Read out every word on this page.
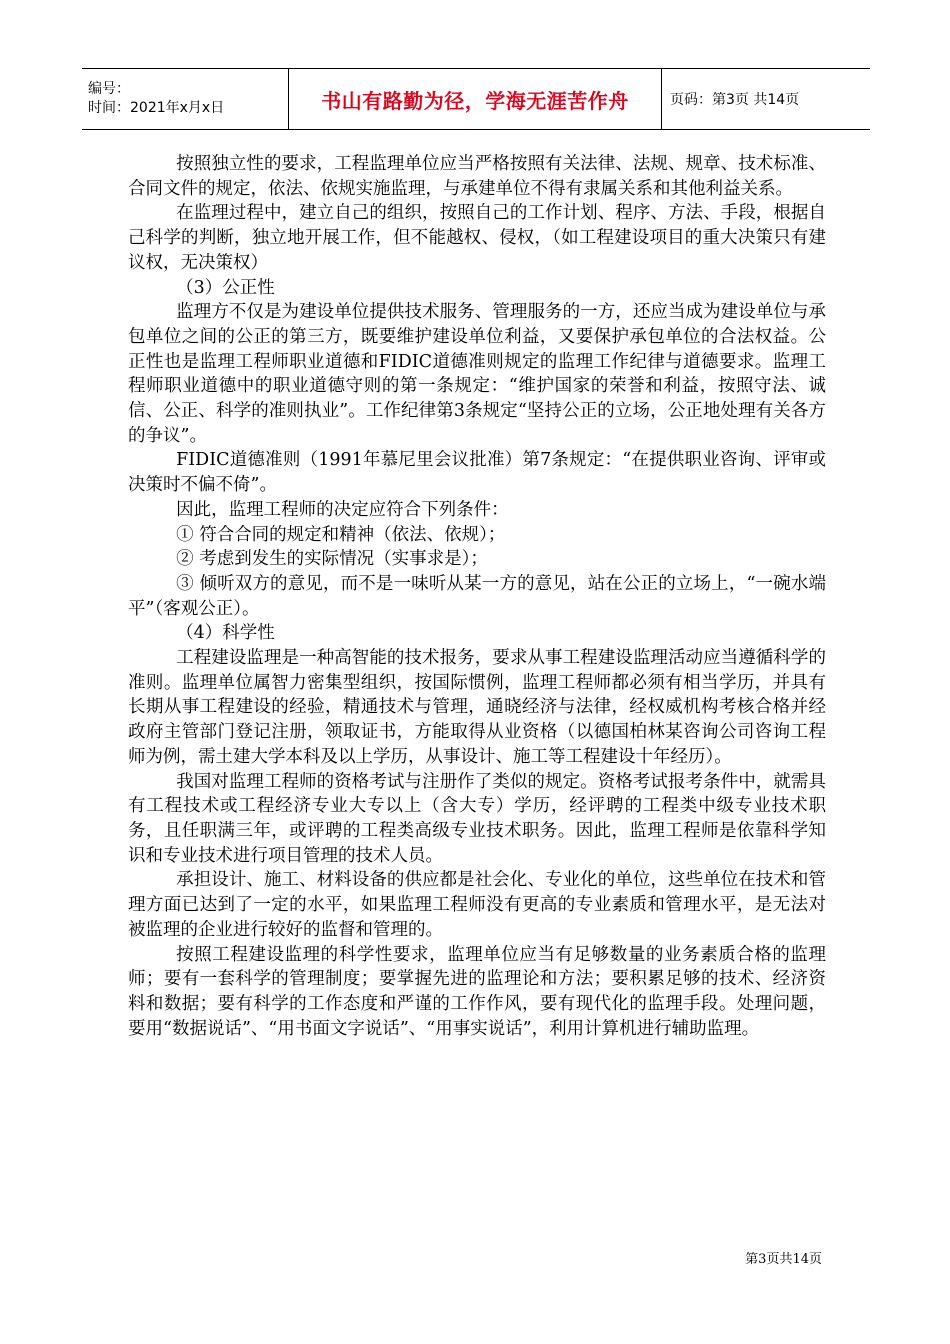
编号：
时间：2021年x月x日	书山有路勤为径，学海无涯苦作舟	页码：第3页 共14页

按照独立性的要求，工程监理单位应当严格按照有关法律、法规、规章、技术标准、合同文件的规定，依法、依规实施监理，与承建单位不得有隶属关系和其他利益关系。

在监理过程中，建立自己的组织，按照自己的工作计划、程序、方法、手段，根据自己科学的判断，独立地开展工作，但不能越权、侵权，（如工程建设项目的重大决策只有建议权，无决策权）

（3）公正性

监理方不仅是为建设单位提供技术服务、管理服务的一方，还应当成为建设单位与承包单位之间的公正的第三方，既要维护建设单位利益，又要保护承包单位的合法权益。公正性也是监理工程师职业道德和FIDIC道德准则规定的监理工作纪律与道德要求。监理工程师职业道德中的职业道德守则的第一条规定：“维护国家的荣誉和利益，按照守法、诚信、公正、科学的准则执业”。工作纪律第3条规定“坚持公正的立场，公正地处理有关各方的争议”。

FIDIC道德准则（1991年慕尼里会议批准）第7条规定：“在提供职业咨询、评审或决策时不偏不倚”。

因此，监理工程师的决定应符合下列条件：

① 符合合同的规定和精神（依法、依规）；

② 考虑到发生的实际情况（实事求是）；

③ 倾听双方的意见，而不是一味听从某一方的意见，站在公正的立场上，“一碗水端平”（客观公正）。

（4）科学性

工程建设监理是一种高智能的技术报务，要求从事工程建设监理活动应当遵循科学的准则。监理单位属智力密集型组织，按国际惯例，监理工程师都必须有相当学历，并具有长期从事工程建设的经验，精通技术与管理，通晓经济与法律，经权威机构考核合格并经政府主管部门登记注册，领取证书，方能取得从业资格（以德国柏林某咨询公司咨询工程师为例，需土建大学本科及以上学历，从事设计、施工等工程建设十年经历）。

我国对监理工程师的资格考试与注册作了类似的规定。资格考试报考条件中，就需具有工程技术或工程经济专业大专以上（含大专）学历，经评聘的工程类中级专业技术职务，且任职满三年，或评聘的工程类高级专业技术职务。因此，监理工程师是依靠科学知识和专业技术进行项目管理的技术人员。

承担设计、施工、材料设备的供应都是社会化、专业化的单位，这些单位在技术和管理方面已达到了一定的水平，如果监理工程师没有更高的专业素质和管理水平，是无法对被监理的企业进行较好的监督和管理的。

按照工程建设监理的科学性要求，监理单位应当有足够数量的业务素质合格的监理师；要有一套科学的管理制度；要掌握先进的监理论和方法；要积累足够的技术、经济资料和数据；要有科学的工作态度和严谨的工作作风，要有现代化的监理手段。处理问题，要用“数据说话”、“用书面文字说话”、“用事实说话”，利用计算机进行辅助监理。

第3页共14页
